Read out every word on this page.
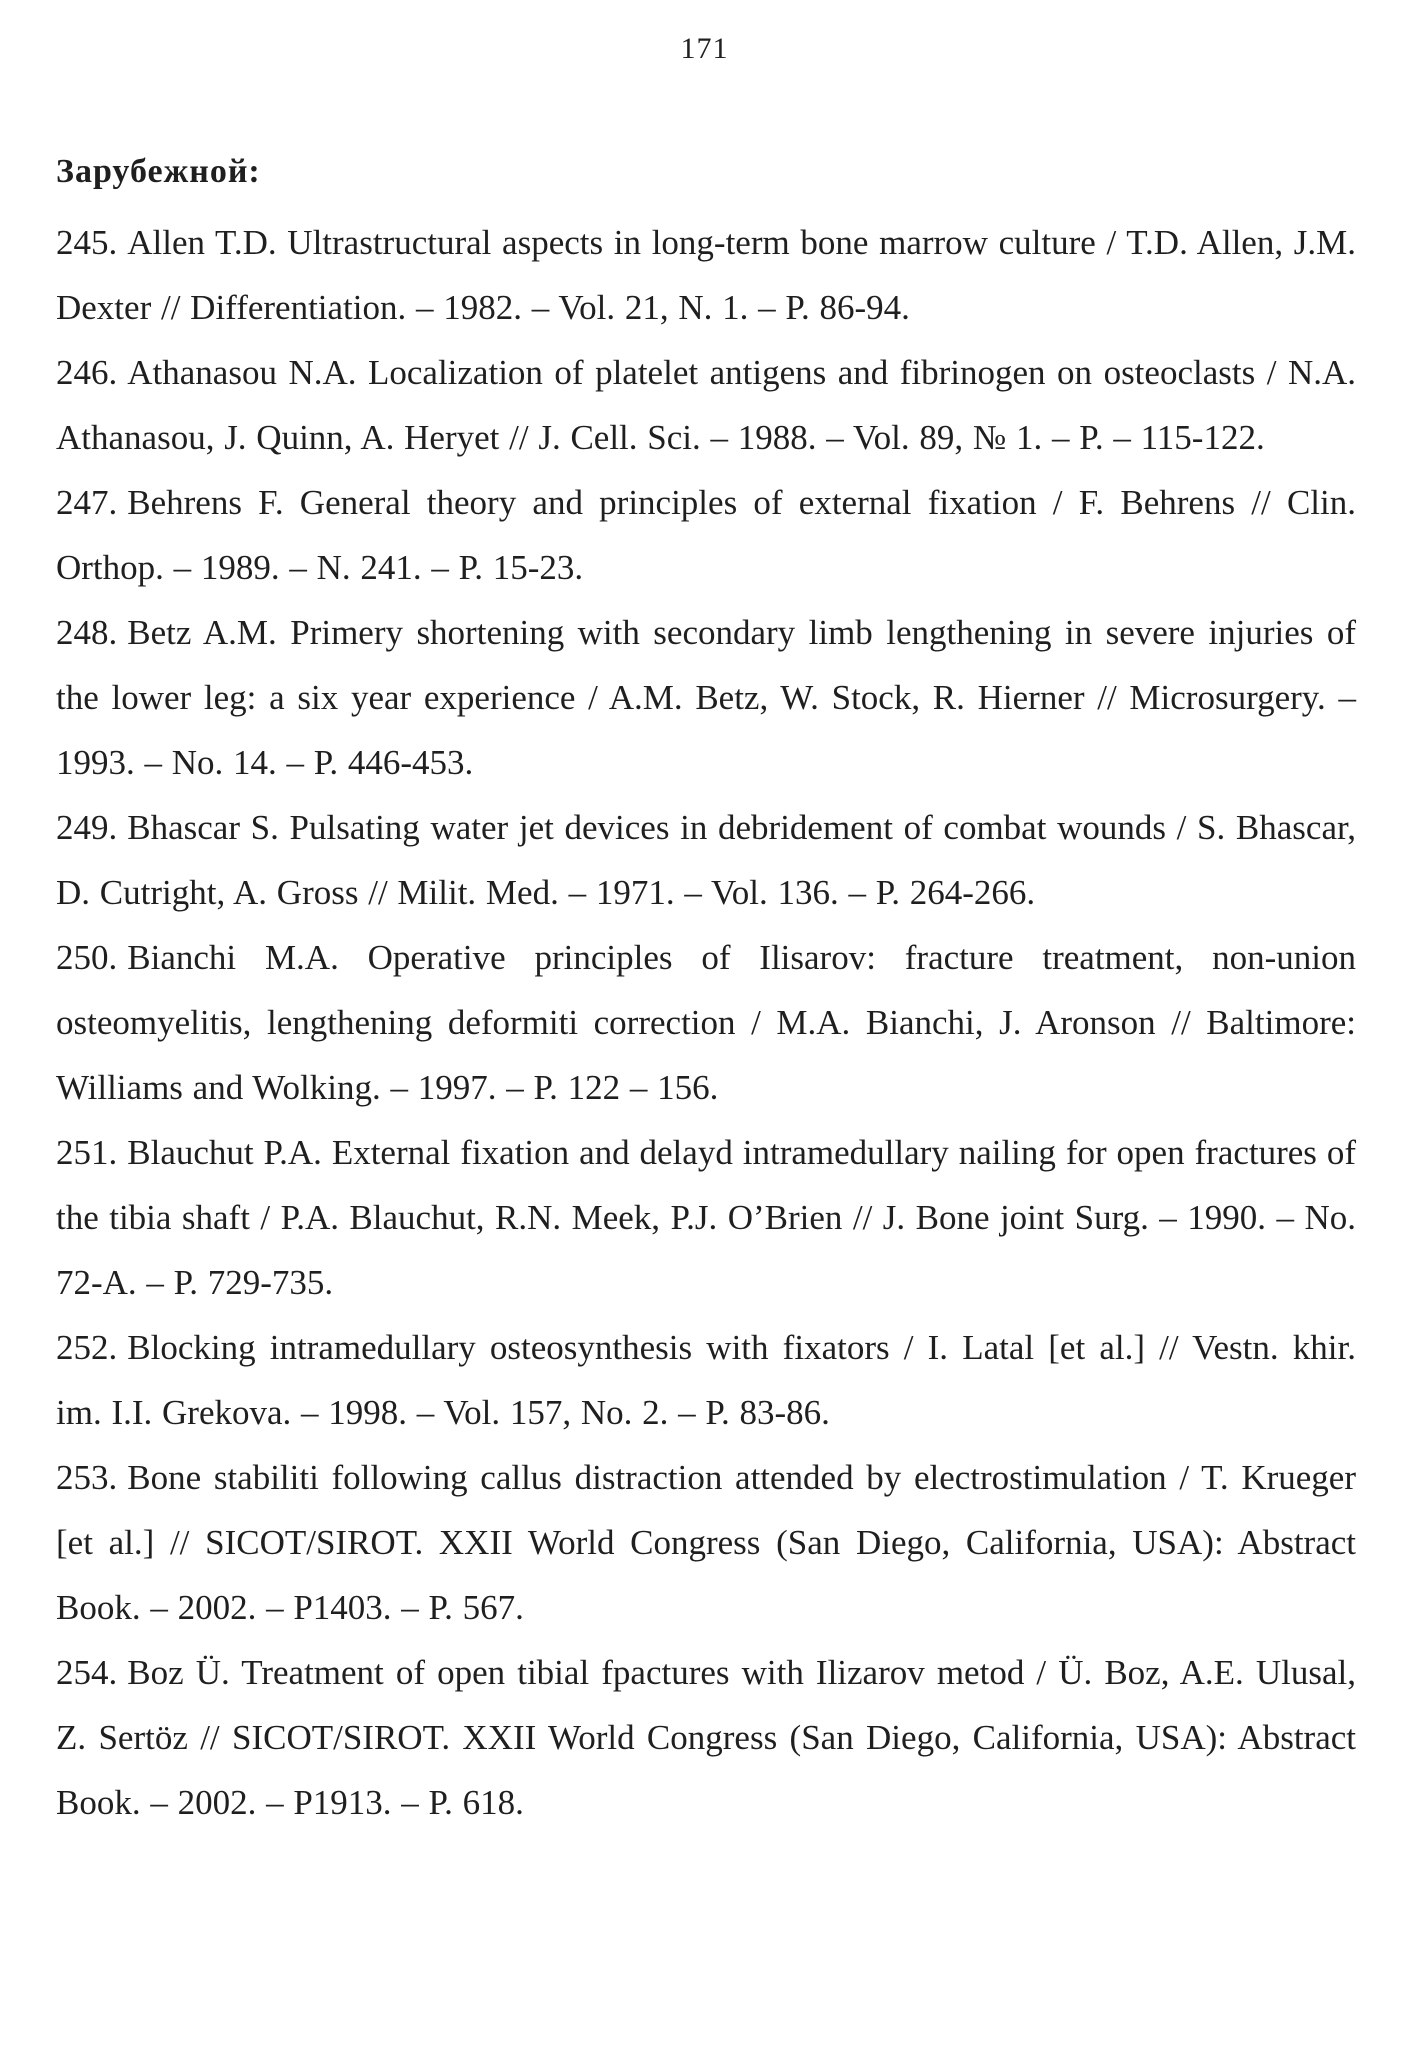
171
Зарубежной:
245. Allen T.D. Ultrastructural aspects in long-term bone marrow culture / T.D. Allen, J.M. Dexter // Differentiation. – 1982. – Vol. 21, N. 1. – P. 86-94.
246. Athanasou N.A. Localization of platelet antigens and fibrinogen on osteoclasts / N.A. Athanasou, J. Quinn, A. Heryet // J. Cell. Sci. – 1988. – Vol. 89, № 1. – P. – 115-122.
247. Behrens F. General theory and principles of external fixation / F. Behrens // Clin. Orthop. – 1989. – N. 241. – P. 15-23.
248. Betz A.M. Primery shortening with secondary limb lengthening in severe injuries of the lower leg: a six year experience / A.M. Betz, W. Stock, R. Hierner // Microsurgery. – 1993. – No. 14. – P. 446-453.
249. Bhascar S. Pulsating water jet devices in debridement of combat wounds / S. Bhascar, D. Cutright, A. Gross // Milit. Med. – 1971. – Vol. 136. – P. 264-266.
250. Bianchi M.A. Operative principles of Ilisarov: fracture treatment, non-union osteomyelitis, lengthening deformiti correction / M.A. Bianchi, J. Aronson // Baltimore: Williams and Wolking. – 1997. – P. 122 – 156.
251. Blauchut P.A. External fixation and delayd intramedullary nailing for open fractures of the tibia shaft / P.A. Blauchut, R.N. Meek, P.J. O’Brien // J. Bone joint Surg. – 1990. – No. 72-A. – P. 729-735.
252. Blocking intramedullary osteosynthesis with fixators / I. Latal [et al.] // Vestn. khir. im. I.I. Grekova. – 1998. – Vol. 157, No. 2. – P. 83-86.
253. Bone stabiliti following callus distraction attended by electrostimulation / T. Krueger [et al.] // SICOT/SIROT. XXII World Congress (San Diego, California, USA): Abstract Book. – 2002. – P1403. – P. 567.
254. Boz Ü. Treatment of open tibial fpactures with Ilizarov metod / Ü. Boz, A.E. Ulusal, Z. Sertöz // SICOT/SIROT. XXII World Congress (San Diego, California, USA): Abstract Book. – 2002. – P1913. – P. 618.
